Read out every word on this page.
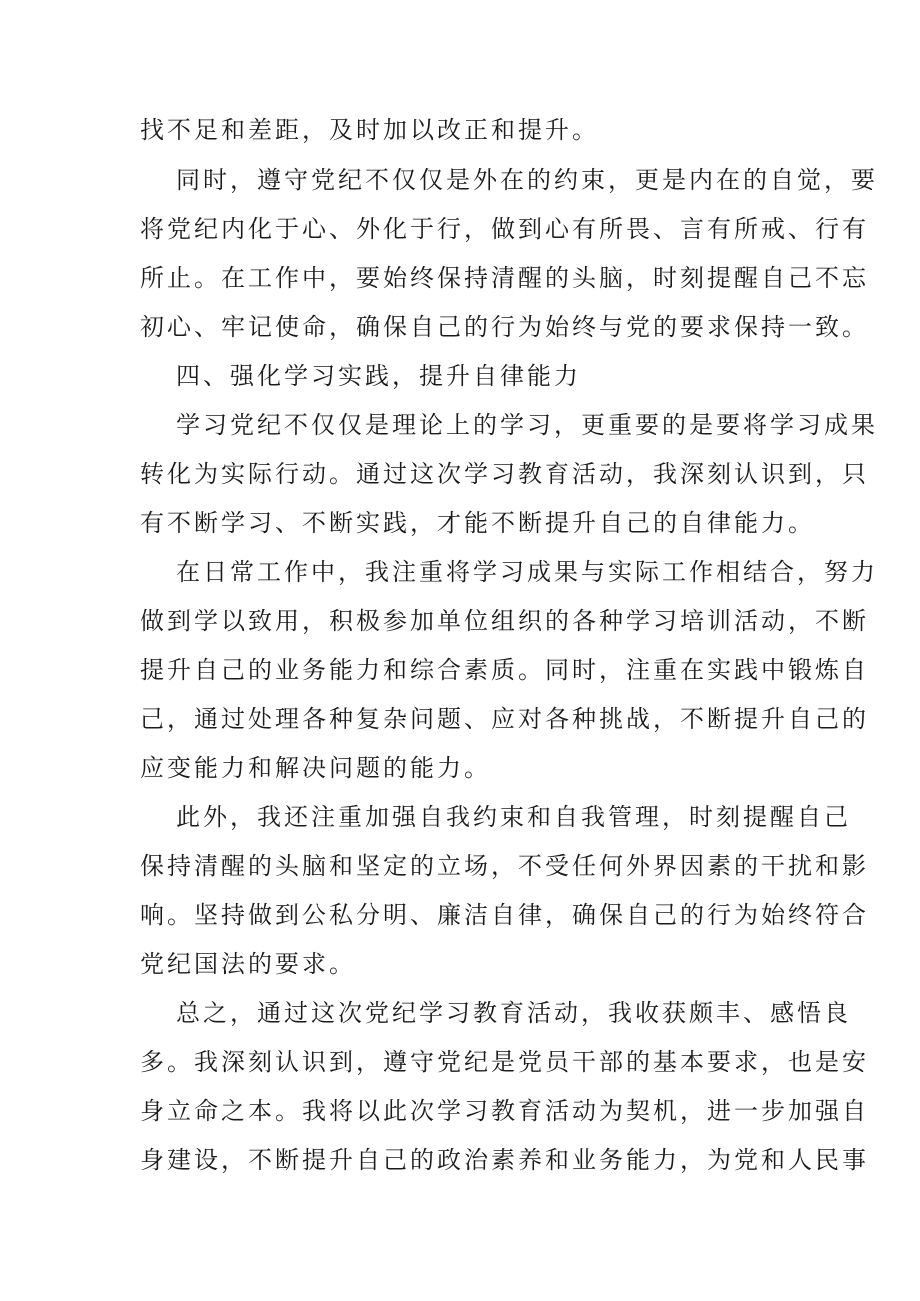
找不足和差距，及时加以改正和提升。

同时，遵守党纪不仅仅是外在的约束，更是内在的自觉，要

将党纪内化于心、外化于行，做到心有所畏、言有所戒、行有

所止。在工作中，要始终保持清醒的头脑，时刻提醒自己不忘

初心、牢记使命，确保自己的行为始终与党的要求保持一致。

四、强化学习实践，提升自律能力

学习党纪不仅仅是理论上的学习，更重要的是要将学习成果

转化为实际行动。通过这次学习教育活动，我深刻认识到，只

有不断学习、不断实践，才能不断提升自己的自律能力。

在日常工作中，我注重将学习成果与实际工作相结合，努力

做到学以致用，积极参加单位组织的各种学习培训活动，不断

提升自己的业务能力和综合素质。同时，注重在实践中锻炼自

己，通过处理各种复杂问题、应对各种挑战，不断提升自己的

应变能力和解决问题的能力。

此外，我还注重加强自我约束和自我管理，时刻提醒自己

保持清醒的头脑和坚定的立场，不受任何外界因素的干扰和影

响。坚持做到公私分明、廉洁自律，确保自己的行为始终符合

党纪国法的要求。

总之，通过这次党纪学习教育活动，我收获颇丰、感悟良

多。我深刻认识到，遵守党纪是党员干部的基本要求，也是安

身立命之本。我将以此次学习教育活动为契机，进一步加强自

身建设，不断提升自己的政治素养和业务能力，为党和人民事
